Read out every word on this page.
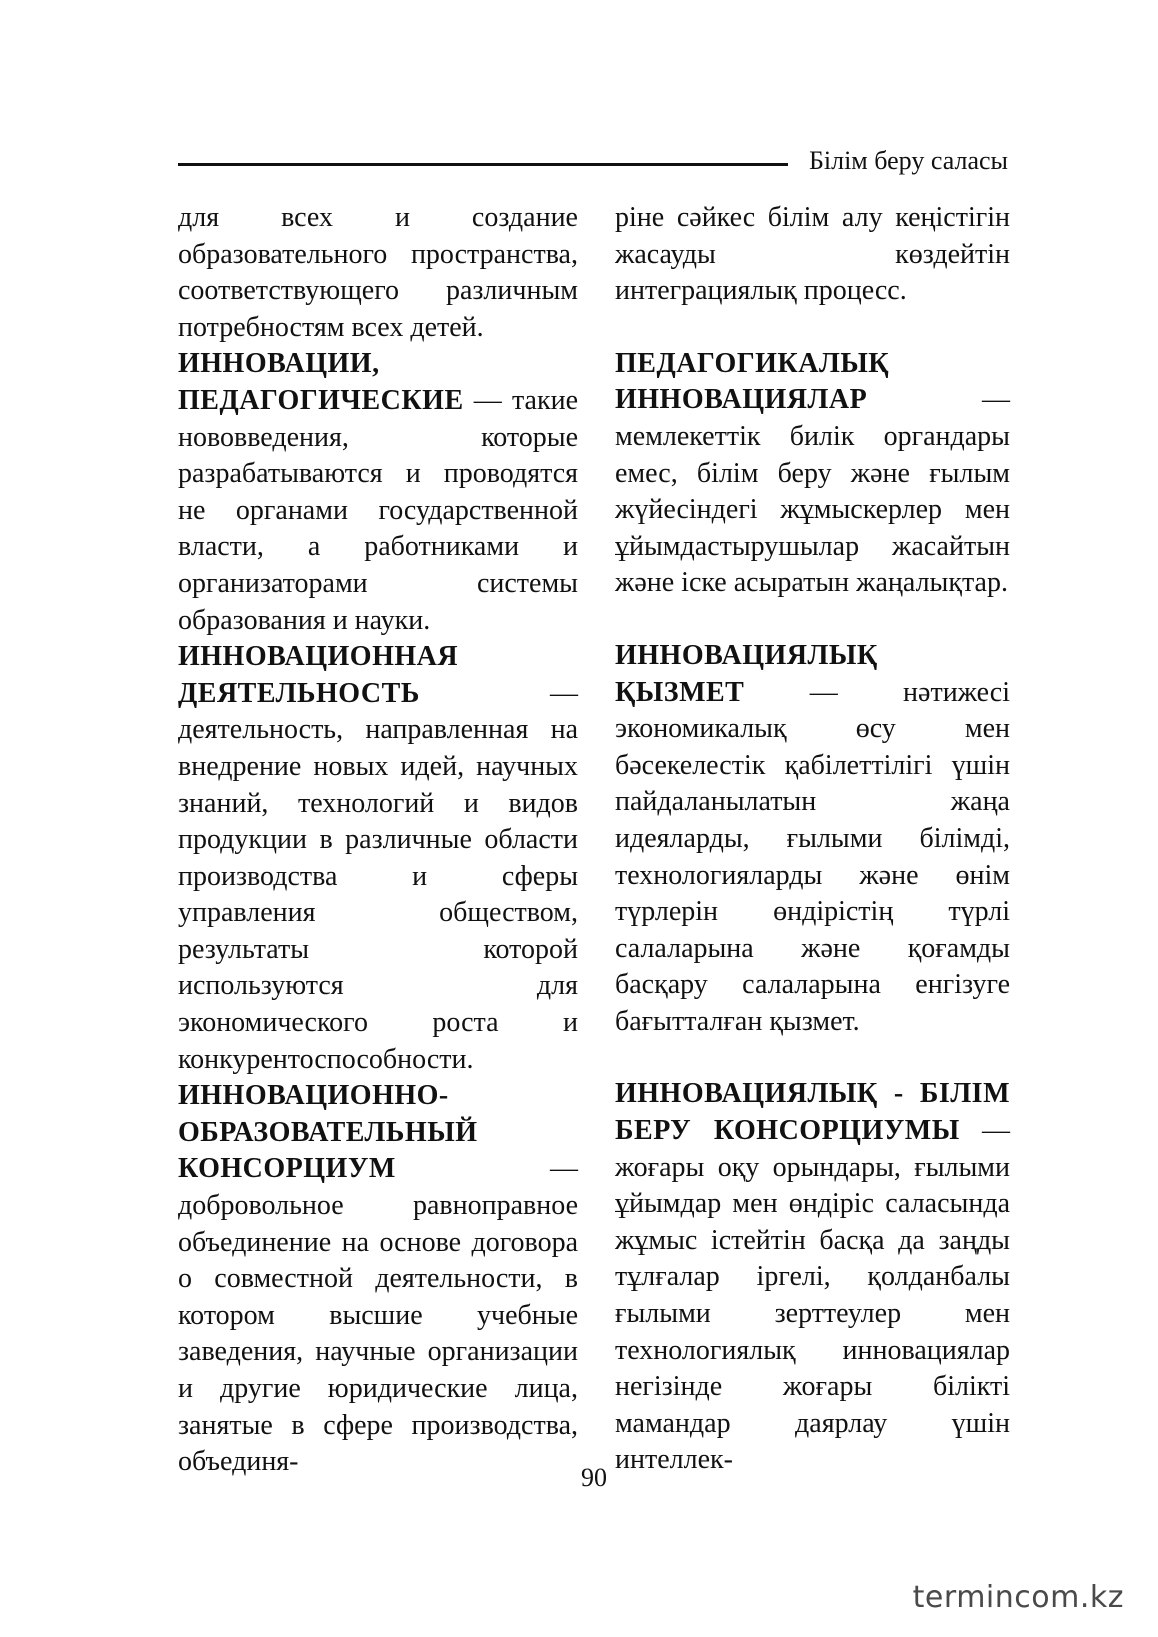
Білім беру саласы

для всех и создание образовательного пространства, соответствующего различным потребностям всех детей.

ИННОВАЦИИ, ПЕДАГОГИЧЕСКИЕ — такие нововведения, которые разрабатываются и проводятся не органами государственной власти, а работниками и организаторами системы образования и науки.

ИННОВАЦИОННАЯ ДЕЯТЕЛЬНОСТЬ — деятельность, направленная на внедрение новых идей, научных знаний, технологий и видов продукции в различные области производства и сферы управления обществом, результаты которой используются для экономического роста и конкурентоспособности.

ИННОВАЦИОННО-ОБРАЗОВАТЕЛЬНЫЙ КОНСОРЦИУМ — добровольное равноправное объединение на основе договора о совместной деятельности, в котором высшие учебные заведения, научные организации и другие юридические лица, занятые в сфере производства, объединя-

ріне сәйкес білім алу кеңістігін жасауды көздейтін интеграциялық процесс.

ПЕДАГОГИКАЛЫҚ ИННОВАЦИЯЛАР — мемлекеттік билік органдары емес, білім беру және ғылым жүйесіндегі жұмыскерлер мен ұйымдастырушылар жасайтын және іске асыратын жаңалықтар.

ИННОВАЦИЯЛЫҚ ҚЫЗМЕТ — нәтижесі экономикалық өсу мен бәсекелестік қабілеттілігі үшін пайдаланылатын жаңа идеяларды, ғылыми білімді, технологияларды және өнім түрлерін өндірістің түрлі салаларына және қоғамды басқару салаларына енгізуге бағытталған қызмет.

ИННОВАЦИЯЛЫҚ - БІЛІМ БЕРУ КОНСОРЦИУМЫ — жоғары оқу орындары, ғылыми ұйымдар мен өндіріс саласында жұмыс істейтін басқа да заңды тұлғалар іргелі, қолданбалы ғылыми зерттеулер мен технологиялық инновациялар негізінде жоғары білікті мамандар даярлау үшін интеллек-

90
termincom.kz
